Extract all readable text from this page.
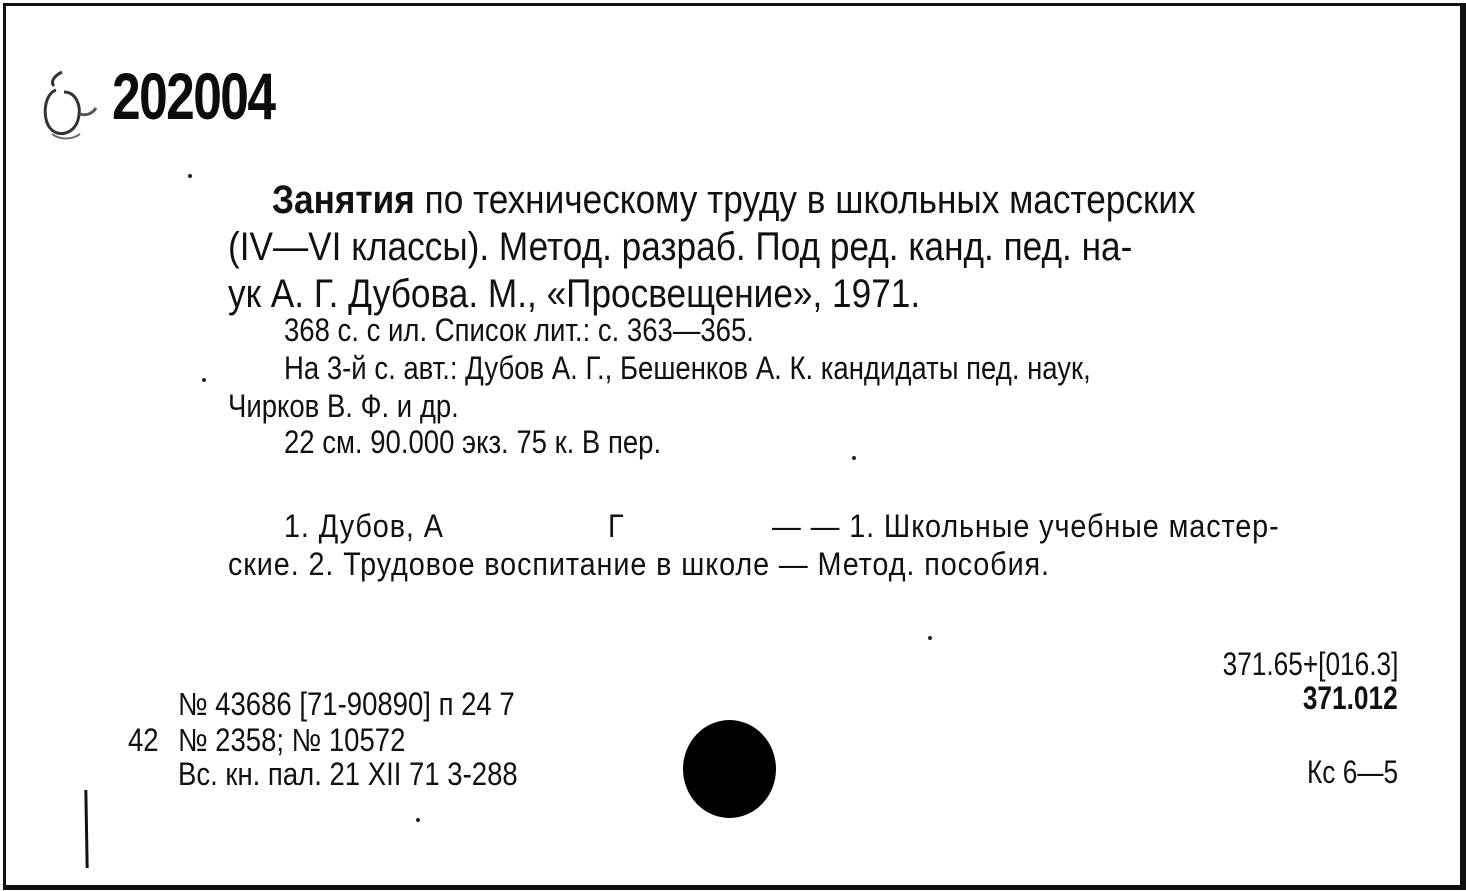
202004
Занятия по техническому труду в школьных мастерских
(IV—VI классы). Метод. разраб. Под ред. канд. пед. на-
ук А. Г. Дубова. М., «Просвещение», 1971.
368 с. с ил. Список лит.: с. 363—365.
На 3-й с. авт.: Дубов А. Г., Бешенков А. К. кандидаты пед. наук,
Чирков В. Ф. и др.
22 см. 90.000 экз. 75 к. В пер.
1. Дубов, А	Г	— — 1. Школьные учебные мастер-
ские. 2. Трудовое воспитание в школе — Метод. пособия.
№ 43686 [71-90890] п 24 7
42 № 2358; № 10572
Вс. кн. пал. 21 XII 71 3-288
371.65+[016.3]
371.012
Кс 6—5
